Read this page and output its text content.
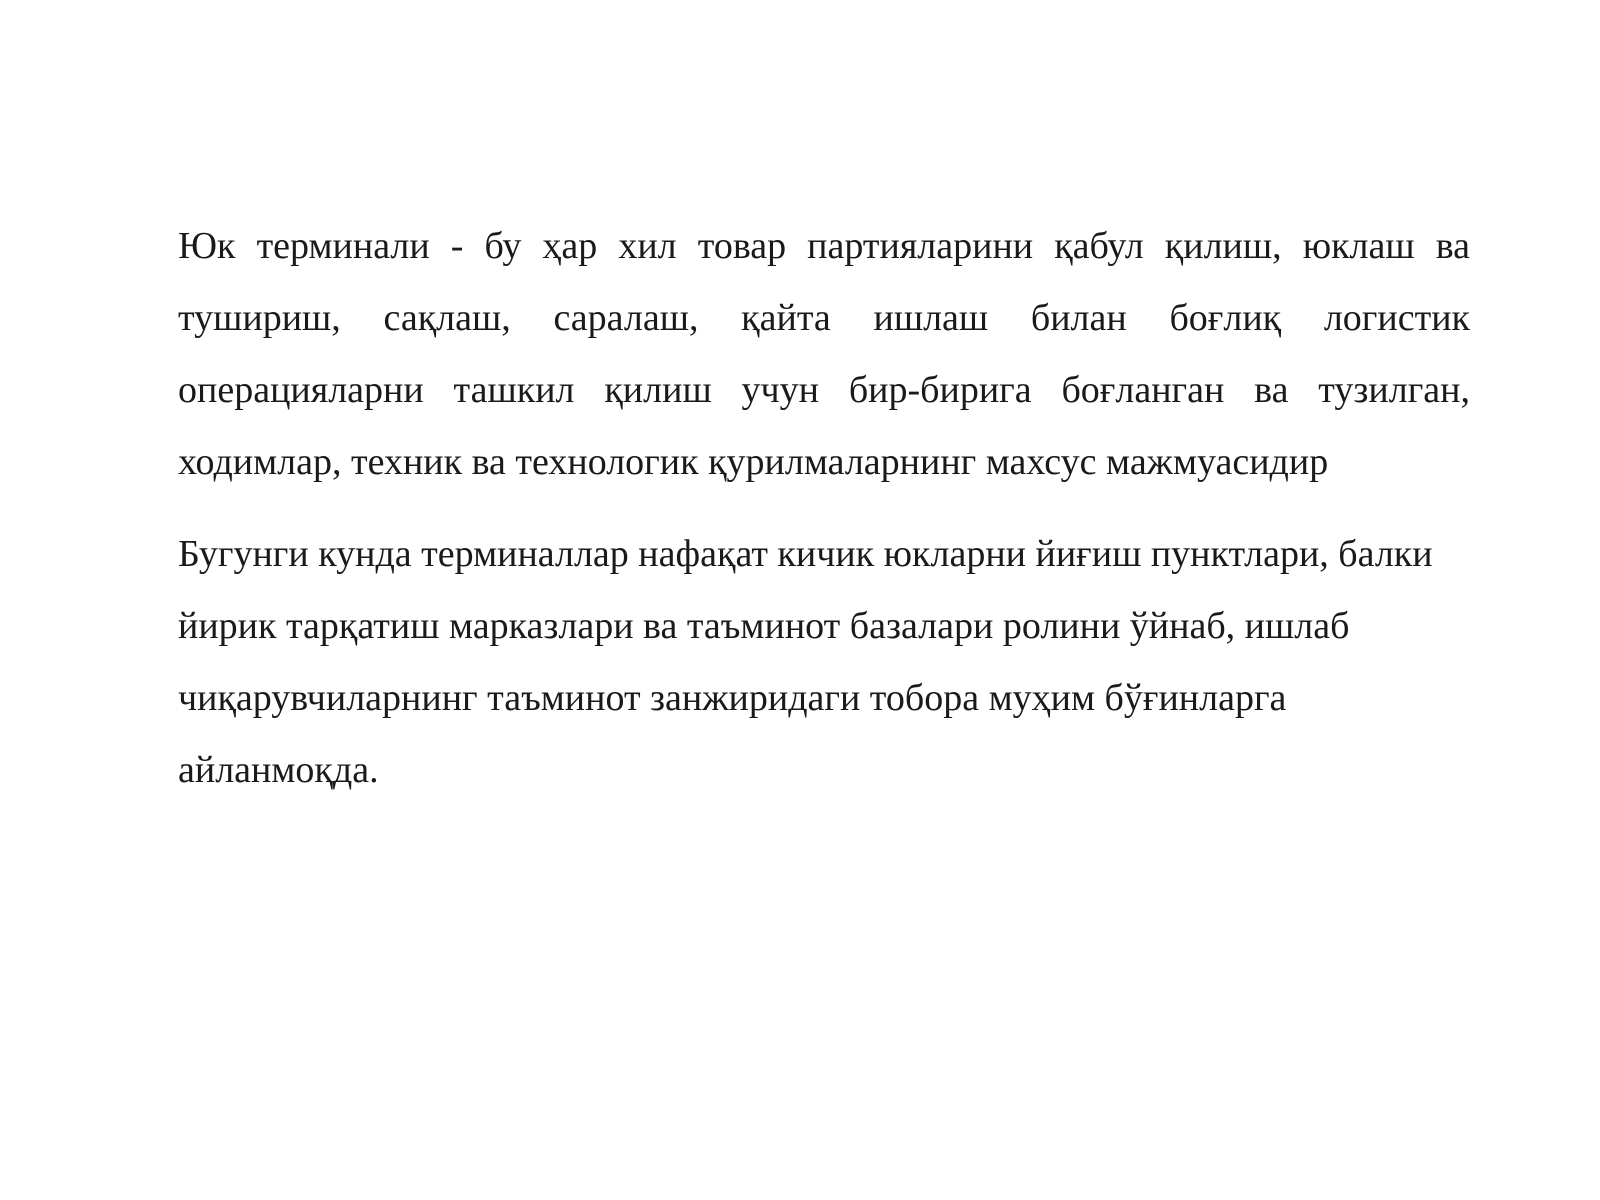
Юк терминали - бу ҳар хил товар партияларини қабул қилиш, юклаш ва тушириш, сақлаш, саралаш, қайта ишлаш билан боғлиқ логистик операцияларни ташкил қилиш учун бир-бирига боғланган ва тузилган, ходимлар, техник ва технологик қурилмаларнинг махсус мажмуасидир

Бугунги кунда терминаллар нафақат кичик юкларни йиғиш пунктлари, балки йирик тарқатиш марказлари ва таъминот базалари ролини ўйнаб, ишлаб чиқарувчиларнинг таъминот занжиридаги тобора муҳим бўғинларга айланмоқда.
